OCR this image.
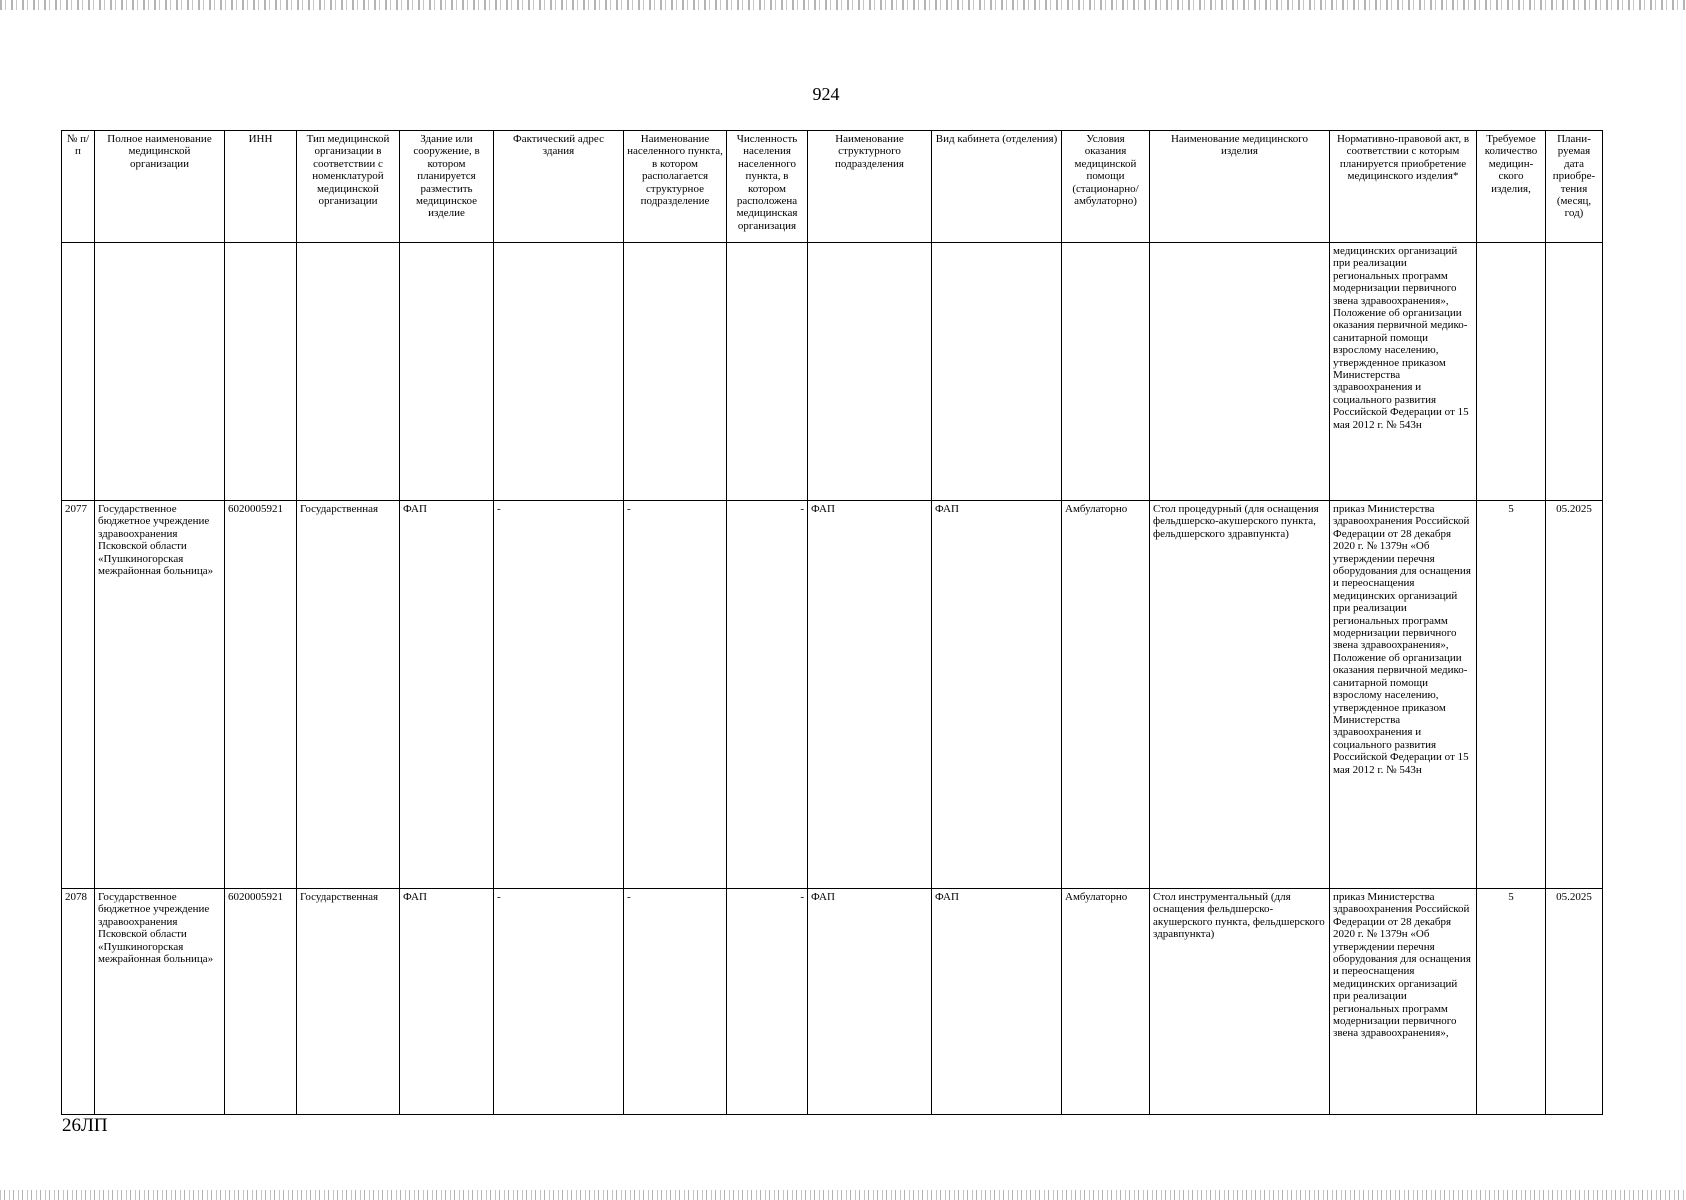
924
№ п/п	Полное наименование медицинской организации	ИНН	Тип медицинской организации в соответствии с номенклатурой медицинской организации	Здание или сооружение, в котором планируется разместить медицинское изделие	Фактический адрес здания	Наименование населенного пункта, в котором располагается структурное подразделение	Численность населения населенного пункта, в котором расположена медицинская организация	Наименование структурного подразделения	Вид кабинета (отделения)	Условия оказания медицинской помощи (стационарно/ амбулаторно)	Наименование медицинского изделия	Нормативно-правовой акт, в соответствии с которым планируется приобретение медицинского изделия*	Требуемое количество медицин-ского изделия,	Плани-руемая дата приобре-тения (месяц, год)
												медицинских организаций при реализации региональных программ модернизации первичного звена здравоохранения», Положение об организации оказания первичной медико-санитарной помощи взрослому населению, утвержденное приказом Министерства здравоохранения и социального развития Российской Федерации от 15 мая 2012 г. № 543н		
2077	Государственное бюджетное учреждение здравоохранения Псковской области «Пушкиногорская межрайонная больница»	6020005921	Государственная	ФАП	-	-	-	ФАП	ФАП	Амбулаторно	Стол процедурный (для оснащения фельдшерско-акушерского пункта, фельдшерского здравпункта)	приказ Министерства здравоохранения Российской Федерации от 28 декабря 2020 г. № 1379н «Об утверждении перечня оборудования для оснащения и переоснащения медицинских организаций при реализации региональных программ модернизации первичного звена здравоохранения», Положение об организации оказания первичной медико-санитарной помощи взрослому населению, утвержденное приказом Министерства здравоохранения и социального развития Российской Федерации от 15 мая 2012 г. № 543н	5	05.2025
2078	Государственное бюджетное учреждение здравоохранения Псковской области «Пушкиногорская межрайонная больница»	6020005921	Государственная	ФАП	-	-	-	ФАП	ФАП	Амбулаторно	Стол инструментальный (для оснащения фельдшерско-акушерского пункта, фельдшерского здравпункта)	приказ Министерства здравоохранения Российской Федерации от 28 декабря 2020 г. № 1379н «Об утверждении перечня оборудования для оснащения и переоснащения медицинских организаций при реализации региональных программ модернизации первичного звена здравоохранения»,	5	05.2025
26ЛП
